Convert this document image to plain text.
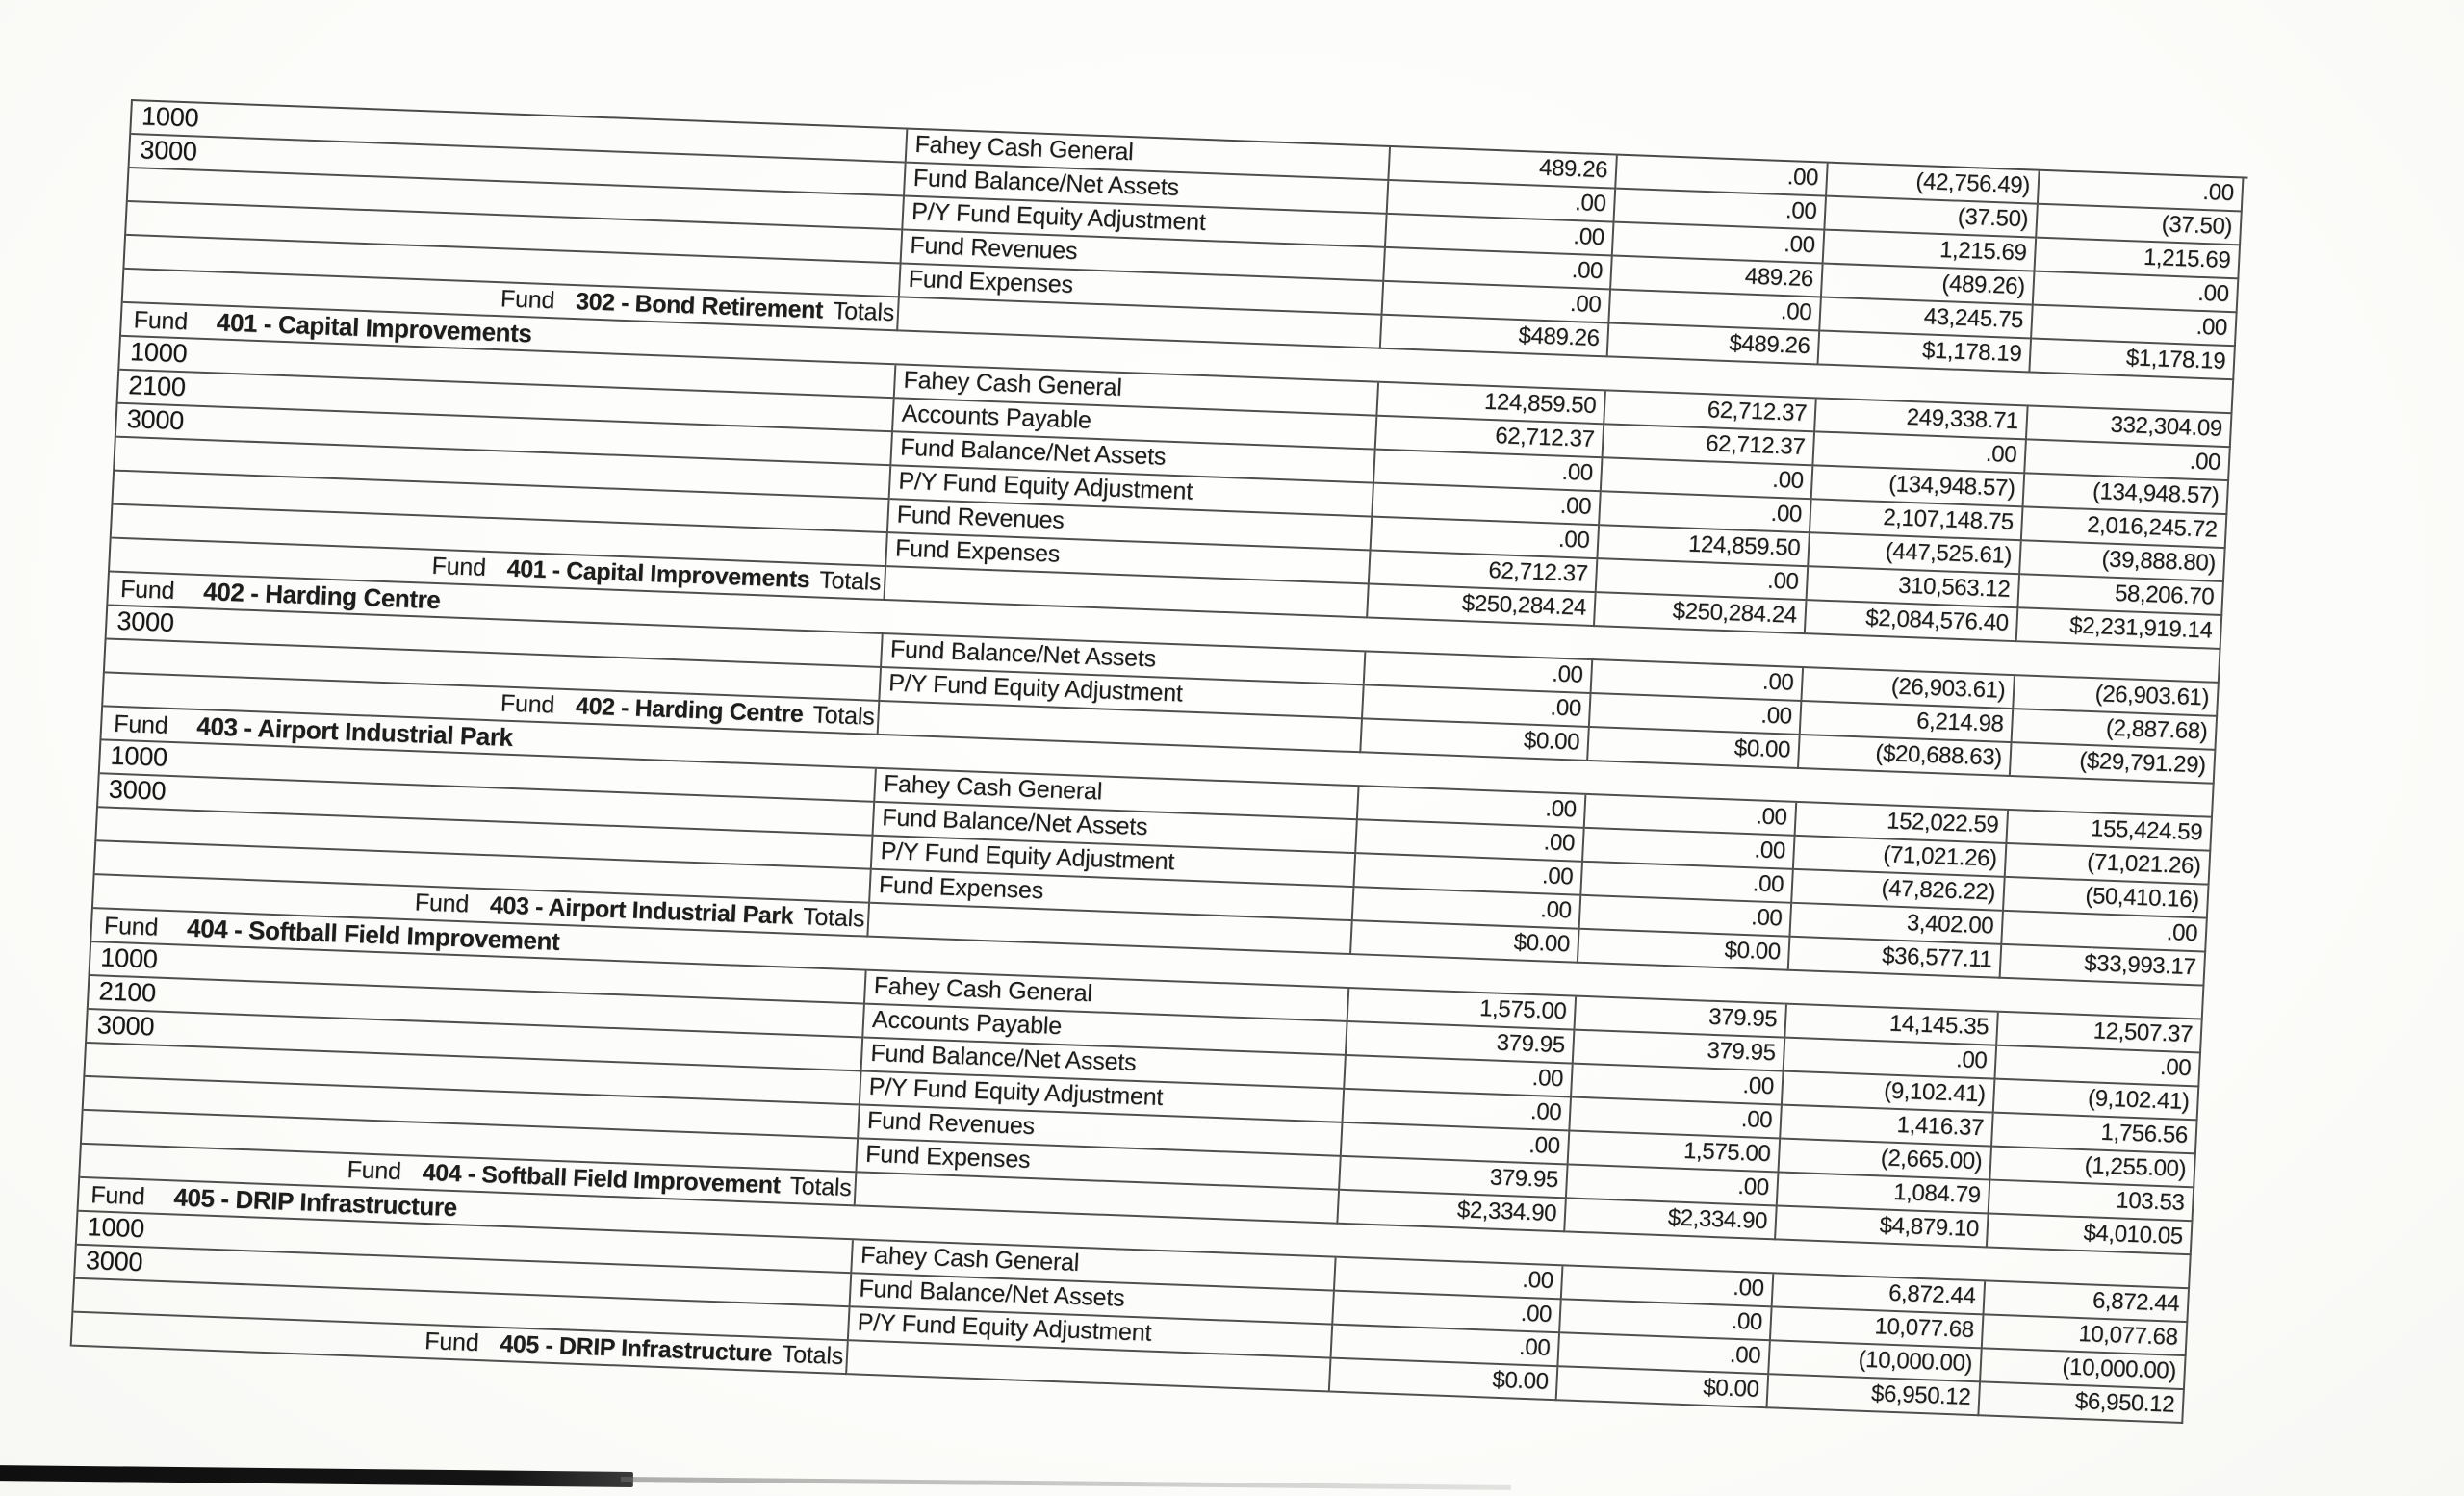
1000
Fahey Cash General
489.26	.00	(42,756.49)	.00
3000
Fund Balance/Net Assets
.00	.00	(37.50)	(37.50)
P/Y Fund Equity Adjustment
.00	.00	1,215.69	1,215.69
Fund Revenues
.00	489.26	(489.26)	.00
Fund Expenses
.00	.00	43,245.75	.00
Fund 302 - Bond Retirement Totals
$489.26	$489.26	$1,178.19	$1,178.19
Fund 401 - Capital Improvements
1000
Fahey Cash General
124,859.50	62,712.37	249,338.71	332,304.09
2100
Accounts Payable
62,712.37	62,712.37	.00	.00
3000
Fund Balance/Net Assets
.00	.00	(134,948.57)	(134,948.57)
P/Y Fund Equity Adjustment
.00	.00	2,107,148.75	2,016,245.72
Fund Revenues
.00	124,859.50	(447,525.61)	(39,888.80)
Fund Expenses
62,712.37	.00	310,563.12	58,206.70
Fund 401 - Capital Improvements Totals
$250,284.24	$250,284.24	$2,084,576.40	$2,231,919.14
Fund 402 - Harding Centre
3000
Fund Balance/Net Assets
.00	.00	(26,903.61)	(26,903.61)
P/Y Fund Equity Adjustment
.00	.00	6,214.98	(2,887.68)
Fund 402 - Harding Centre Totals
$0.00	$0.00	($20,688.63)	($29,791.29)
Fund 403 - Airport Industrial Park
1000
Fahey Cash General
.00	.00	152,022.59	155,424.59
3000
Fund Balance/Net Assets
.00	.00	(71,021.26)	(71,021.26)
P/Y Fund Equity Adjustment
.00	.00	(47,826.22)	(50,410.16)
Fund Expenses
.00	.00	3,402.00	.00
Fund 403 - Airport Industrial Park Totals
$0.00	$0.00	$36,577.11	$33,993.17
Fund 404 - Softball Field Improvement
1000
Fahey Cash General
1,575.00	379.95	14,145.35	12,507.37
2100
Accounts Payable
379.95	379.95	.00	.00
3000
Fund Balance/Net Assets
.00	.00	(9,102.41)	(9,102.41)
P/Y Fund Equity Adjustment
.00	.00	1,416.37	1,756.56
Fund Revenues
.00	1,575.00	(2,665.00)	(1,255.00)
Fund Expenses
379.95	.00	1,084.79	103.53
Fund 404 - Softball Field Improvement Totals
$2,334.90	$2,334.90	$4,879.10	$4,010.05
Fund 405 - DRIP Infrastructure
1000
Fahey Cash General
.00	.00	6,872.44	6,872.44
3000
Fund Balance/Net Assets
.00	.00	10,077.68	10,077.68
P/Y Fund Equity Adjustment
.00	.00	(10,000.00)	(10,000.00)
Fund 405 - DRIP Infrastructure Totals
$0.00	$0.00	$6,950.12	$6,950.12
